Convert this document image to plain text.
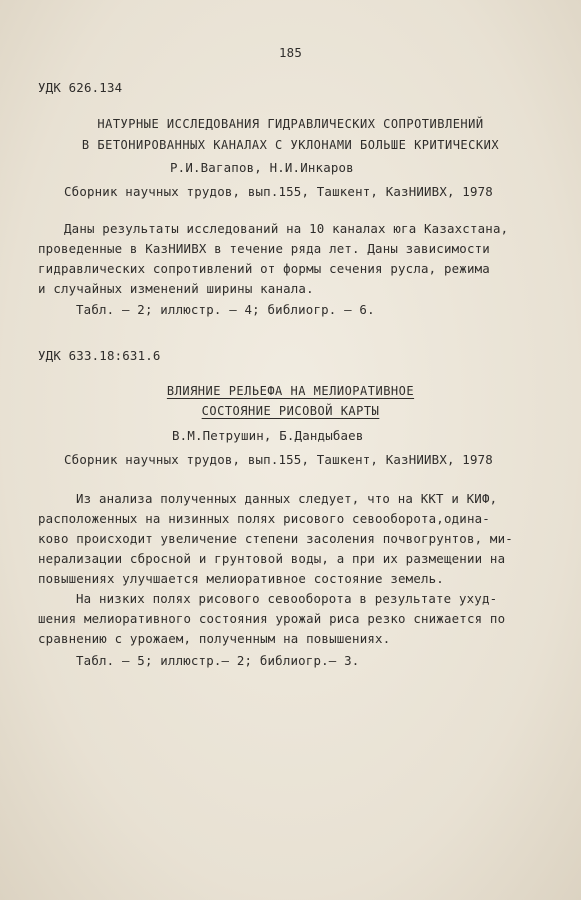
185
УДК 626.134
НАТУРНЫЕ ИССЛЕДОВАНИЯ ГИДРАВЛИЧЕСКИХ СОПРОТИВЛЕНИЙ
В БЕТОНИРОВАННЫХ КАНАЛАХ С УКЛОНАМИ БОЛЬШЕ КРИТИЧЕСКИХ
Р.И.Вагапов, Н.И.Инкаров
Сборник научных трудов, вып.155, Ташкент, КазНИИВХ, 1978
Даны результаты исследований на 10 каналах юга Казахстана,
проведенные в КазНИИВХ в течение ряда лет. Даны зависимости
гидравлических сопротивлений от формы сечения русла, режима
и случайных изменений ширины канала.
Табл. – 2; иллюстр. – 4; библиогр. – 6.
УДК 633.18:631.6
ВЛИЯНИЕ РЕЛЬЕФА НА МЕЛИОРАТИВНОЕ
СОСТОЯНИЕ РИСОВОЙ КАРТЫ
В.М.Петрушин, Б.Дандыбаев
Сборник научных трудов, вып.155, Ташкент, КазНИИВХ, 1978
Из анализа полученных данных следует, что на ККТ и КИФ,
расположенных на низинных полях рисового севооборота,одина-
ково происходит увеличение степени засоления почвогрунтов, ми-
нерализации сбросной и грунтовой воды, а при их размещении на
повышениях улучшается мелиоративное состояние земель.
На низких полях рисового севооборота в результате ухуд-
шения мелиоративного состояния урожай риса резко снижается по
сравнению с урожаем, полученным на повышениях.
Табл. – 5; иллюстр.– 2; библиогр.– 3.
